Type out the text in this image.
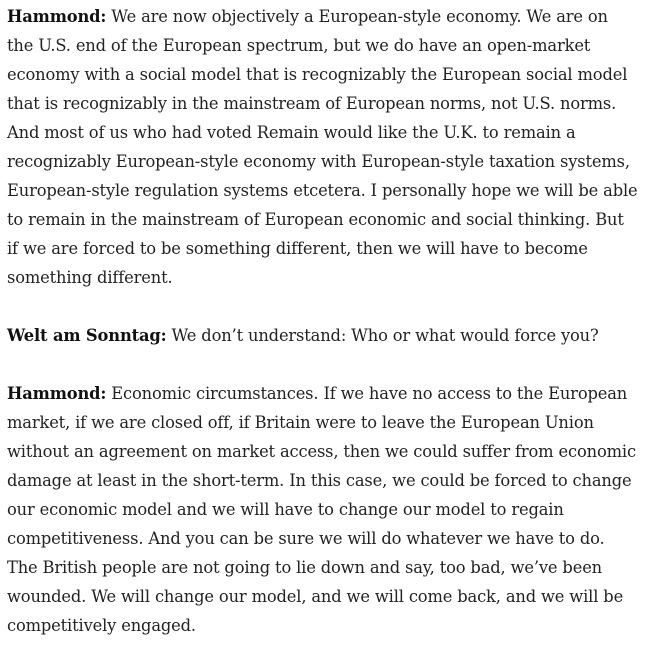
Hammond: We are now objectively a European-style economy. We are on the U.S. end of the European spectrum, but we do have an open-market economy with a social model that is recognizably the European social model that is recognizably in the mainstream of European norms, not U.S. norms. And most of us who had voted Remain would like the U.K. to remain a recognizably European-style economy with European-style taxation systems, European-style regulation systems etcetera. I personally hope we will be able to remain in the mainstream of European economic and social thinking. But if we are forced to be something different, then we will have to become something different.

Welt am Sonntag: We don’t understand: Who or what would force you?

Hammond: Economic circumstances. If we have no access to the European market, if we are closed off, if Britain were to leave the European Union without an agreement on market access, then we could suffer from economic damage at least in the short-term. In this case, we could be forced to change our economic model and we will have to change our model to regain competitiveness. And you can be sure we will do whatever we have to do. The British people are not going to lie down and say, too bad, we’ve been wounded. We will change our model, and we will come back, and we will be competitively engaged.
